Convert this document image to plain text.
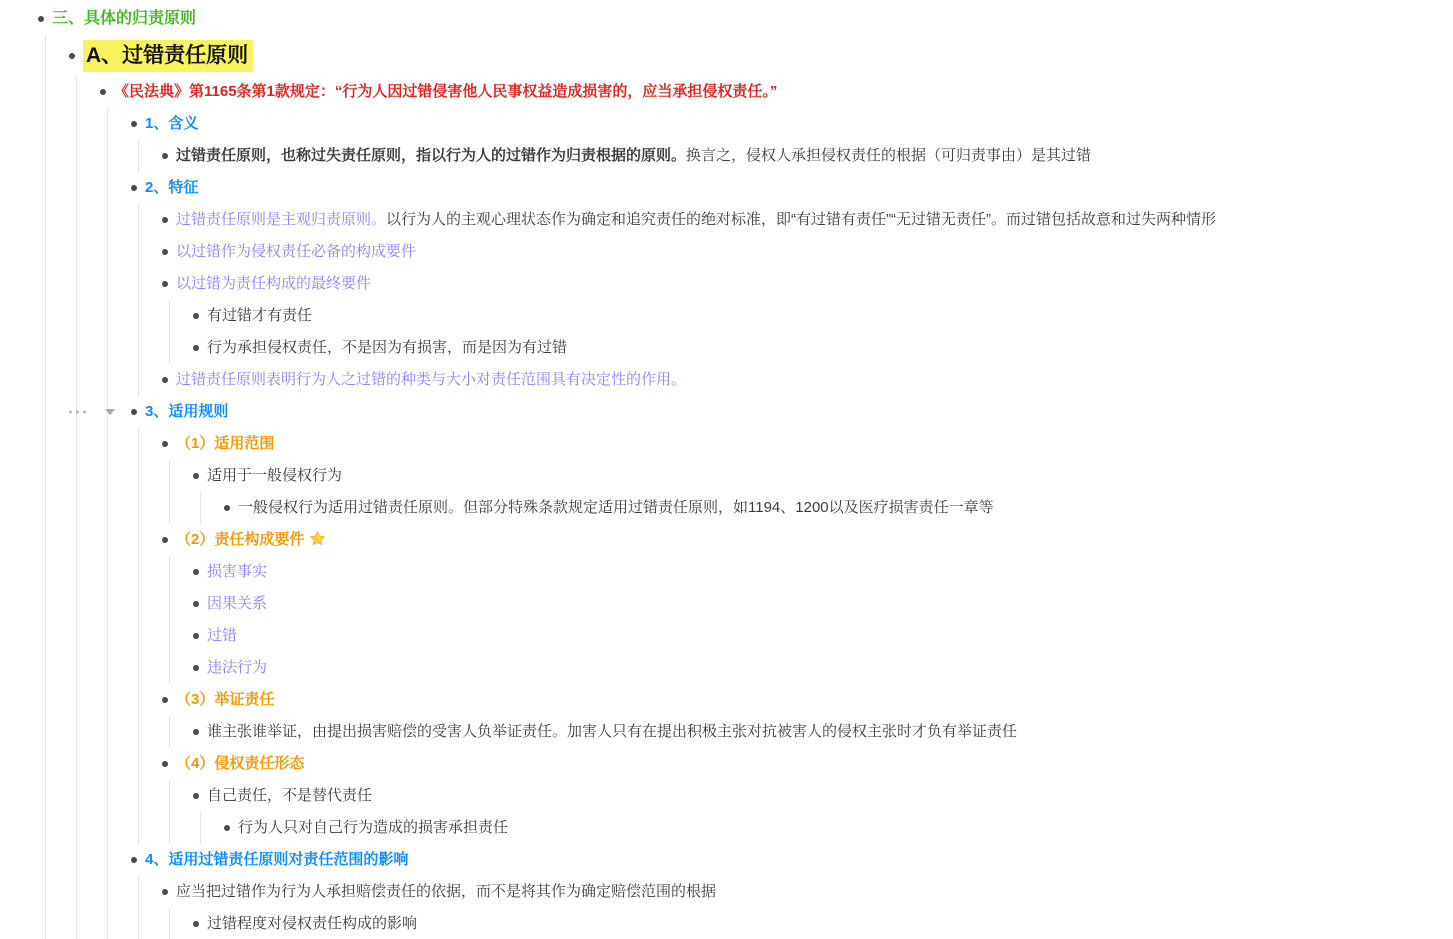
三、具体的归责原则
A、过错责任原则
《民法典》第1165条第1款规定：“行为人因过错侵害他人民事权益造成损害的，应当承担侵权责任。”
1、含义
过错责任原则，也称过失责任原则，指以行为人的过错作为归责根据的原则。换言之，侵权人承担侵权责任的根据（可归责事由）是其过错
2、特征
过错责任原则是主观归责原则。以行为人的主观心理状态作为确定和追究责任的绝对标准，即“有过错有责任”“无过错无责任”。而过错包括故意和过失两种情形
以过错作为侵权责任必备的构成要件
以过错为责任构成的最终要件
有过错才有责任
行为承担侵权责任，不是因为有损害，而是因为有过错
过错责任原则表明行为人之过错的种类与大小对责任范围具有决定性的作用。
3、适用规则
（1）适用范围
适用于一般侵权行为
一般侵权行为适用过错责任原则。但部分特殊条款规定适用过错责任原则，如1194、1200以及医疗损害责任一章等
（2）责任构成要件
损害事实
因果关系
过错
违法行为
（3）举证责任
谁主张谁举证，由提出损害赔偿的受害人负举证责任。加害人只有在提出积极主张对抗被害人的侵权主张时才负有举证责任
（4）侵权责任形态
自己责任，不是替代责任
行为人只对自己行为造成的损害承担责任
4、适用过错责任原则对责任范围的影响
应当把过错作为行为人承担赔偿责任的依据，而不是将其作为确定赔偿范围的根据
过错程度对侵权责任构成的影响
